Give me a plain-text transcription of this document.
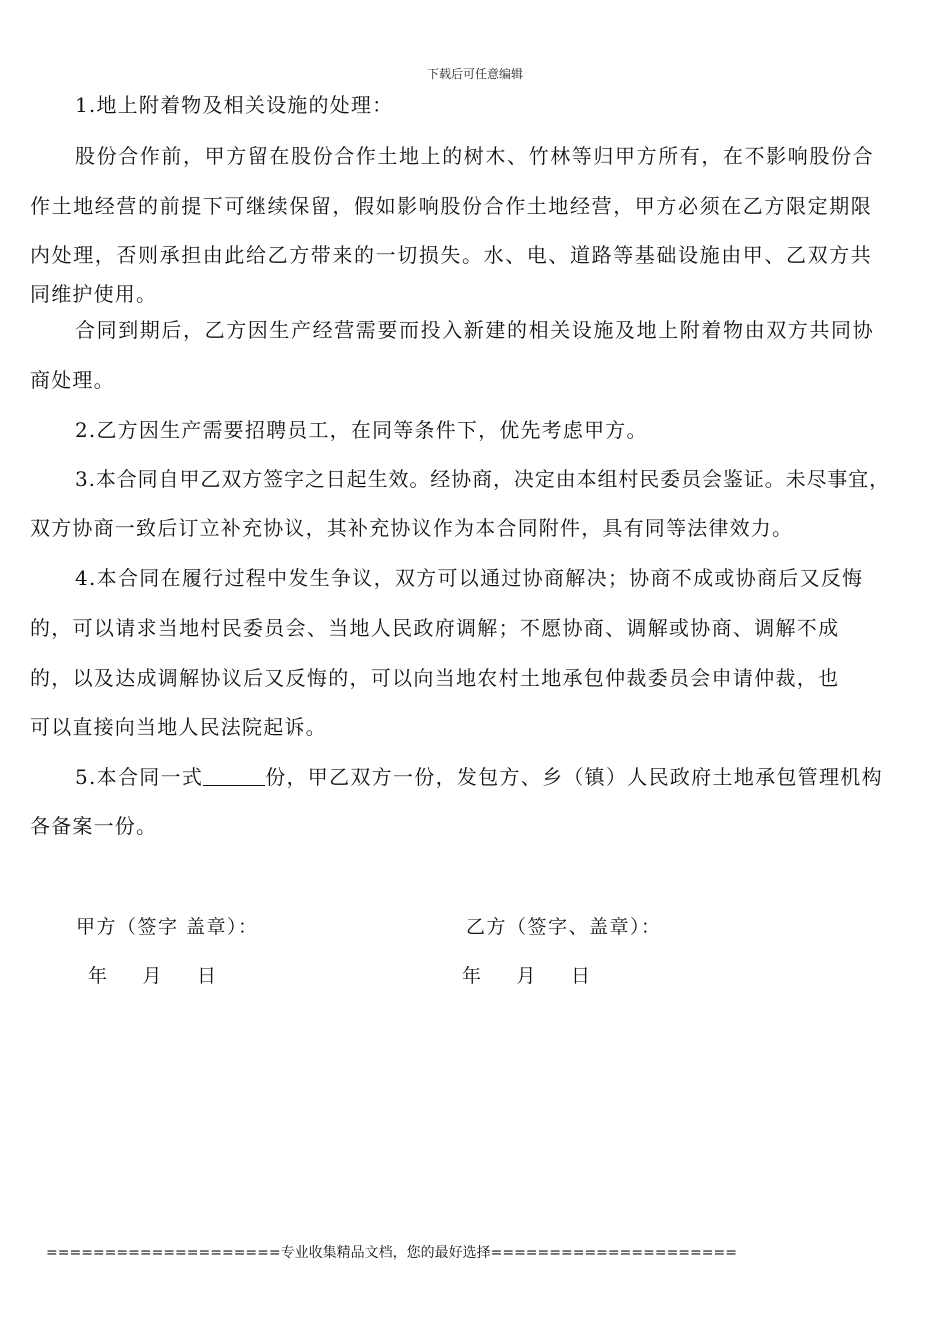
下载后可任意编辑
1.地上附着物及相关设施的处理：
股份合作前，甲方留在股份合作土地上的树木、竹林等归甲方所有，在不影响股份合
作土地经营的前提下可继续保留，假如影响股份合作土地经营，甲方必须在乙方限定期限
内处理，否则承担由此给乙方带来的一切损失。水、电、道路等基础设施由甲、乙双方共
同维护使用。
合同到期后，乙方因生产经营需要而投入新建的相关设施及地上附着物由双方共同协
商处理。
2.乙方因生产需要招聘员工，在同等条件下，优先考虑甲方。
3.本合同自甲乙双方签字之日起生效。经协商，决定由本组村民委员会鉴证。未尽事宜，
双方协商一致后订立补充协议，其补充协议作为本合同附件，具有同等法律效力。
4.本合同在履行过程中发生争议，双方可以通过协商解决；协商不成或协商后又反悔
的，可以请求当地村民委员会、当地人民政府调解；不愿协商、调解或协商、调解不成
的，以及达成调解协议后又反悔的，可以向当地农村土地承包仲裁委员会申请仲裁，也
可以直接向当地人民法院起诉。
5.本合同一式	份，甲乙双方一份，发包方、乡（镇）人民政府土地承包管理机构
各备案一份。
甲方（签字 盖章）：	乙方（签字、盖章）：
年 月 日	年 月 日
====================专业收集精品文档，您的最好选择=====================
